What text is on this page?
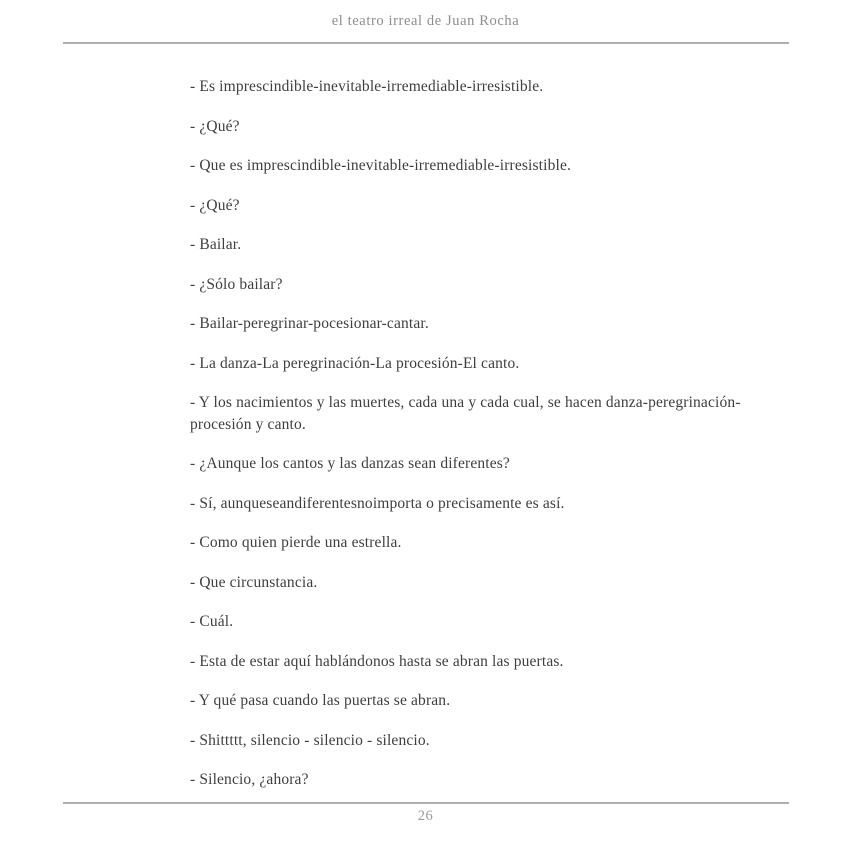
el teatro irreal de Juan Rocha

- Es imprescindible-inevitable-irremediable-irresistible.

- ¿Qué?

- Que es imprescindible-inevitable-irremediable-irresistible.

- ¿Qué?

- Bailar.

- ¿Sólo bailar?

- Bailar-peregrinar-pocesionar-cantar.

- La danza-La peregrinación-La procesión-El canto.

- Y los nacimientos y las muertes, cada una y cada cual, se hacen danza-peregrinación-procesión y canto.

- ¿Aunque los cantos y las danzas sean diferentes?

- Sí, aunqueseandiferentesnoimporta o precisamente es así.

- Como quien pierde una estrella.

- Que circunstancia.

- Cuál.

- Esta de estar aquí hablándonos hasta se abran las puertas.

- Y qué pasa cuando las puertas se abran.

- Shittttt, silencio - silencio - silencio.

- Silencio, ¿ahora?

26
